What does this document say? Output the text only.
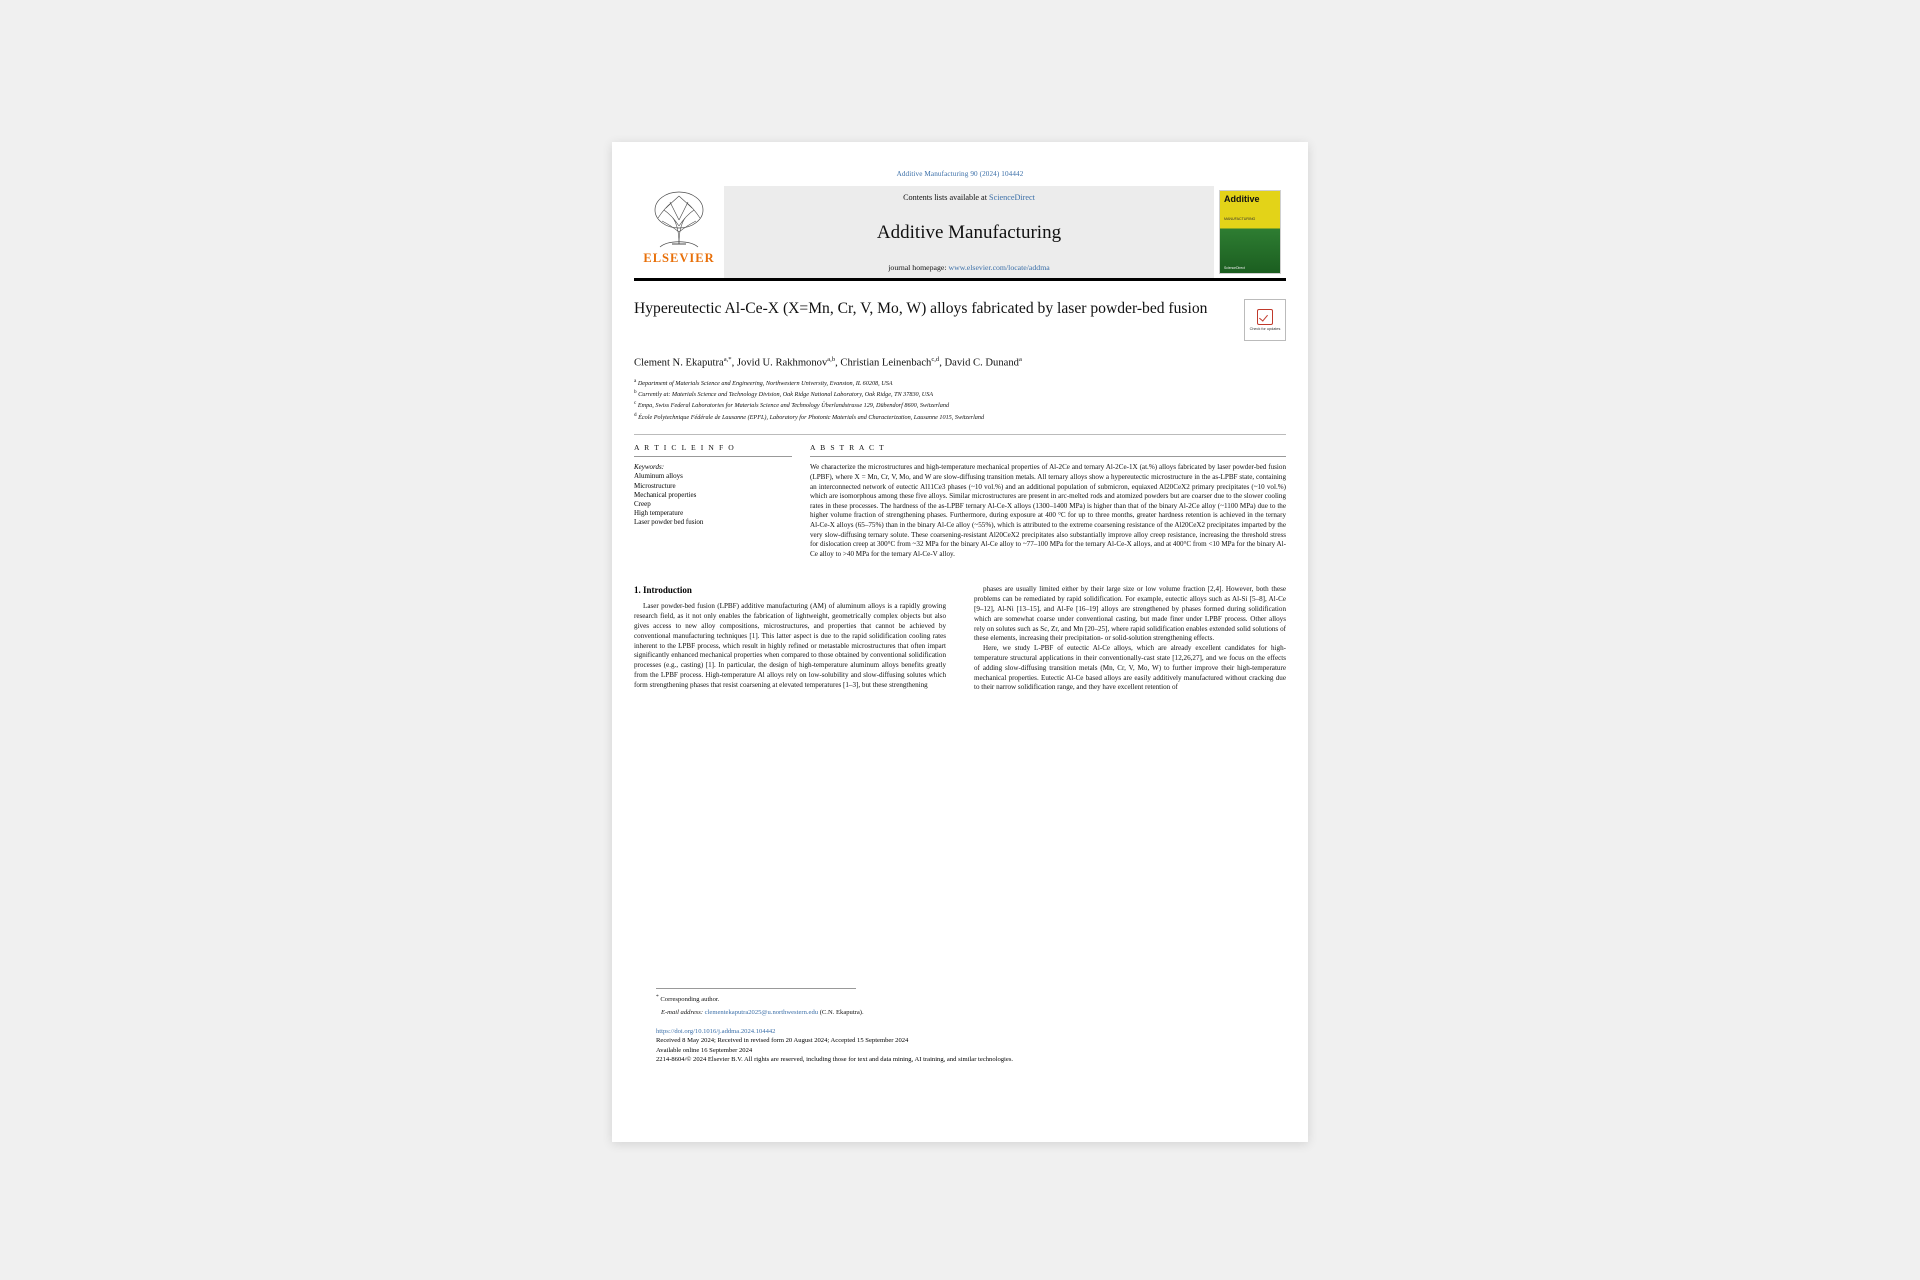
Additive Manufacturing 90 (2024) 104442
ELSEVIER
Contents lists available at ScienceDirect
Additive Manufacturing
journal homepage: www.elsevier.com/locate/addma
Additive
MANUFACTURING
ScienceDirect
Hypereutectic Al-Ce-X (X=Mn, Cr, V, Mo, W) alloys fabricated by laser powder-bed fusion
Check for updates
Clement N. Ekaputra$^{a,*}$, Jovid U. Rakhmonov$^{a,b}$, Christian Leinenbach$^{c,d}$, David C. Dunand$^a$
$^a$ Department of Materials Science and Engineering, Northwestern University, Evanston, IL 60208, USA
$^b$ Currently at: Materials Science and Technology Division, Oak Ridge National Laboratory, Oak Ridge, TN 37830, USA
$^c$ Empa, Swiss Federal Laboratories for Materials Science and Technology Überlandstrasse 129, Dübendorf 8600, Switzerland
$^d$ École Polytechnique Fédérale de Lausanne (EPFL), Laboratory for Photonic Materials and Characterization, Lausanne 1015, Switzerland
A R T I C L E I N F O
Keywords:
Aluminum alloys
Microstructure
Mechanical properties
Creep
High temperature
Laser powder bed fusion
A B S T R A C T
We characterize the microstructures and high-temperature mechanical properties of Al-2Ce and ternary Al-2Ce-1X (at.%) alloys fabricated by laser powder-bed fusion (LPBF), where X = Mn, Cr, V, Mo, and W are slow-diffusing transition metals. All ternary alloys show a hypereutectic microstructure in the as-LPBF state, containing an interconnected network of eutectic Al11Ce3 phases (~10 vol.%) and an additional population of submicron, equiaxed Al20CeX2 primary precipitates (~10 vol.%) which are isomorphous among these five alloys. Similar microstructures are present in arc-melted rods and atomized powders but are coarser due to the slower cooling rates in these processes. The hardness of the as-LPBF ternary Al-Ce-X alloys (1300–1400 MPa) is higher than that of the binary Al-2Ce alloy (~1100 MPa) due to the higher volume fraction of strengthening phases. Furthermore, during exposure at 400 °C for up to three months, greater hardness retention is achieved in the ternary Al-Ce-X alloys (65–75%) than in the binary Al-Ce alloy (~55%), which is attributed to the extreme coarsening resistance of the Al20CeX2 precipitates imparted by the very slow-diffusing ternary solute. These coarsening-resistant Al20CeX2 precipitates also substantially improve alloy creep resistance, increasing the threshold stress for dislocation creep at 300°C from ~32 MPa for the binary Al-Ce alloy to ~77–100 MPa for the ternary Al-Ce-X alloys, and at 400°C from <10 MPa for the binary Al-Ce alloy to >40 MPa for the ternary Al-Ce-V alloy.
1. Introduction
Laser powder-bed fusion (LPBF) additive manufacturing (AM) of aluminum alloys is a rapidly growing research field, as it not only enables the fabrication of lightweight, geometrically complex objects but also gives access to new alloy compositions, microstructures, and properties that cannot be achieved by conventional manufacturing techniques [1]. This latter aspect is due to the rapid solidification cooling rates inherent to the LPBF process, which result in highly refined or metastable microstructures that often impart significantly enhanced mechanical properties when compared to those obtained by conventional solidification processes (e.g., casting) [1]. In particular, the design of high-temperature aluminum alloys benefits greatly from the LPBF process. High-temperature Al alloys rely on low-solubility and slow-diffusing solutes which form strengthening phases that resist coarsening at elevated temperatures [1–3], but these strengthening
phases are usually limited either by their large size or low volume fraction [2,4]. However, both these problems can be remediated by rapid solidification. For example, eutectic alloys such as Al-Si [5–8], Al-Ce [9–12], Al-Ni [13–15], and Al-Fe [16–19] alloys are strengthened by phases formed during solidification which are somewhat coarse under conventional casting, but made finer under LPBF process. Other alloys rely on solutes such as Sc, Zr, and Mn [20–25], where rapid solidification enables extended solid solutions of these elements, increasing their precipitation- or solid-solution strengthening effects.
Here, we study L-PBF of eutectic Al-Ce alloys, which are already excellent candidates for high-temperature structural applications in their conventionally-cast state [12,26,27], and we focus on the effects of adding slow-diffusing transition metals (Mn, Cr, V, Mo, W) to further improve their high-temperature mechanical properties. Eutectic Al-Ce based alloys are easily additively manufactured without cracking due to their narrow solidification range, and they have excellent retention of
* Corresponding author.
E-mail address: clementekaputra2025@u.northwestern.edu (C.N. Ekaputra).
https://doi.org/10.1016/j.addma.2024.104442
Received 8 May 2024; Received in revised form 20 August 2024; Accepted 15 September 2024
Available online 16 September 2024
2214-8604/© 2024 Elsevier B.V. All rights are reserved, including those for text and data mining, AI training, and similar technologies.
